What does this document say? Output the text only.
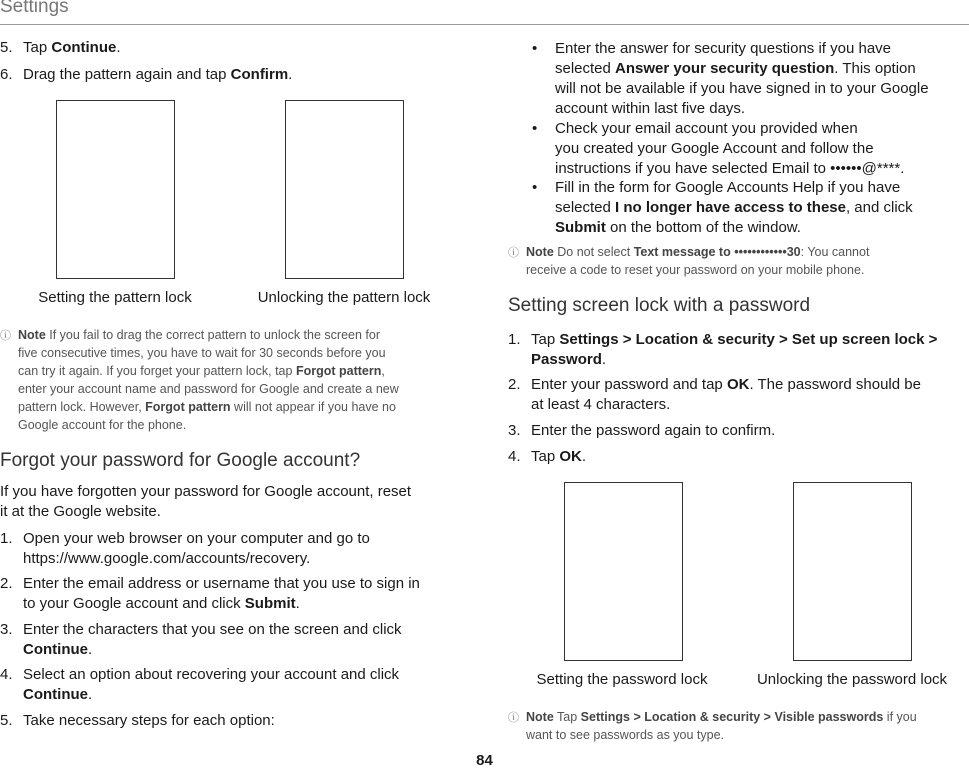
Settings
5. Tap Continue.
6. Drag the pattern again and tap Confirm.
Setting the pattern lock	Unlocking the pattern lock
ⓘ Note If you fail to drag the correct pattern to unlock the screen for
five consecutive times, you have to wait for 30 seconds before you
can try it again. If you forget your pattern lock, tap Forgot pattern,
enter your account name and password for Google and create a new
pattern lock. However, Forgot pattern will not appear if you have no
Google account for the phone.
Forgot your password for Google account?
If you have forgotten your password for Google account, reset
it at the Google website.
1. Open your web browser on your computer and go to
https://www.google.com/accounts/recovery.
2. Enter the email address or username that you use to sign in
to your Google account and click Submit.
3. Enter the characters that you see on the screen and click
Continue.
4. Select an option about recovering your account and click
Continue.
5. Take necessary steps for each option:
• Enter the answer for security questions if you have
selected Answer your security question. This option
will not be available if you have signed in to your Google
account within last five days.
• Check your email account you provided when
you created your Google Account and follow the
instructions if you have selected Email to ••••••@****.
• Fill in the form for Google Accounts Help if you have
selected I no longer have access to these, and click
Submit on the bottom of the window.
ⓘ Note Do not select Text message to ••••••••••••30: You cannot
receive a code to reset your password on your mobile phone.
Setting screen lock with a password
1. Tap Settings > Location & security > Set up screen lock >
Password.
2. Enter your password and tap OK. The password should be
at least 4 characters.
3. Enter the password again to confirm.
4. Tap OK.
Setting the password lock	Unlocking the password lock
ⓘ Note Tap Settings > Location & security > Visible passwords if you
want to see passwords as you type.
84
